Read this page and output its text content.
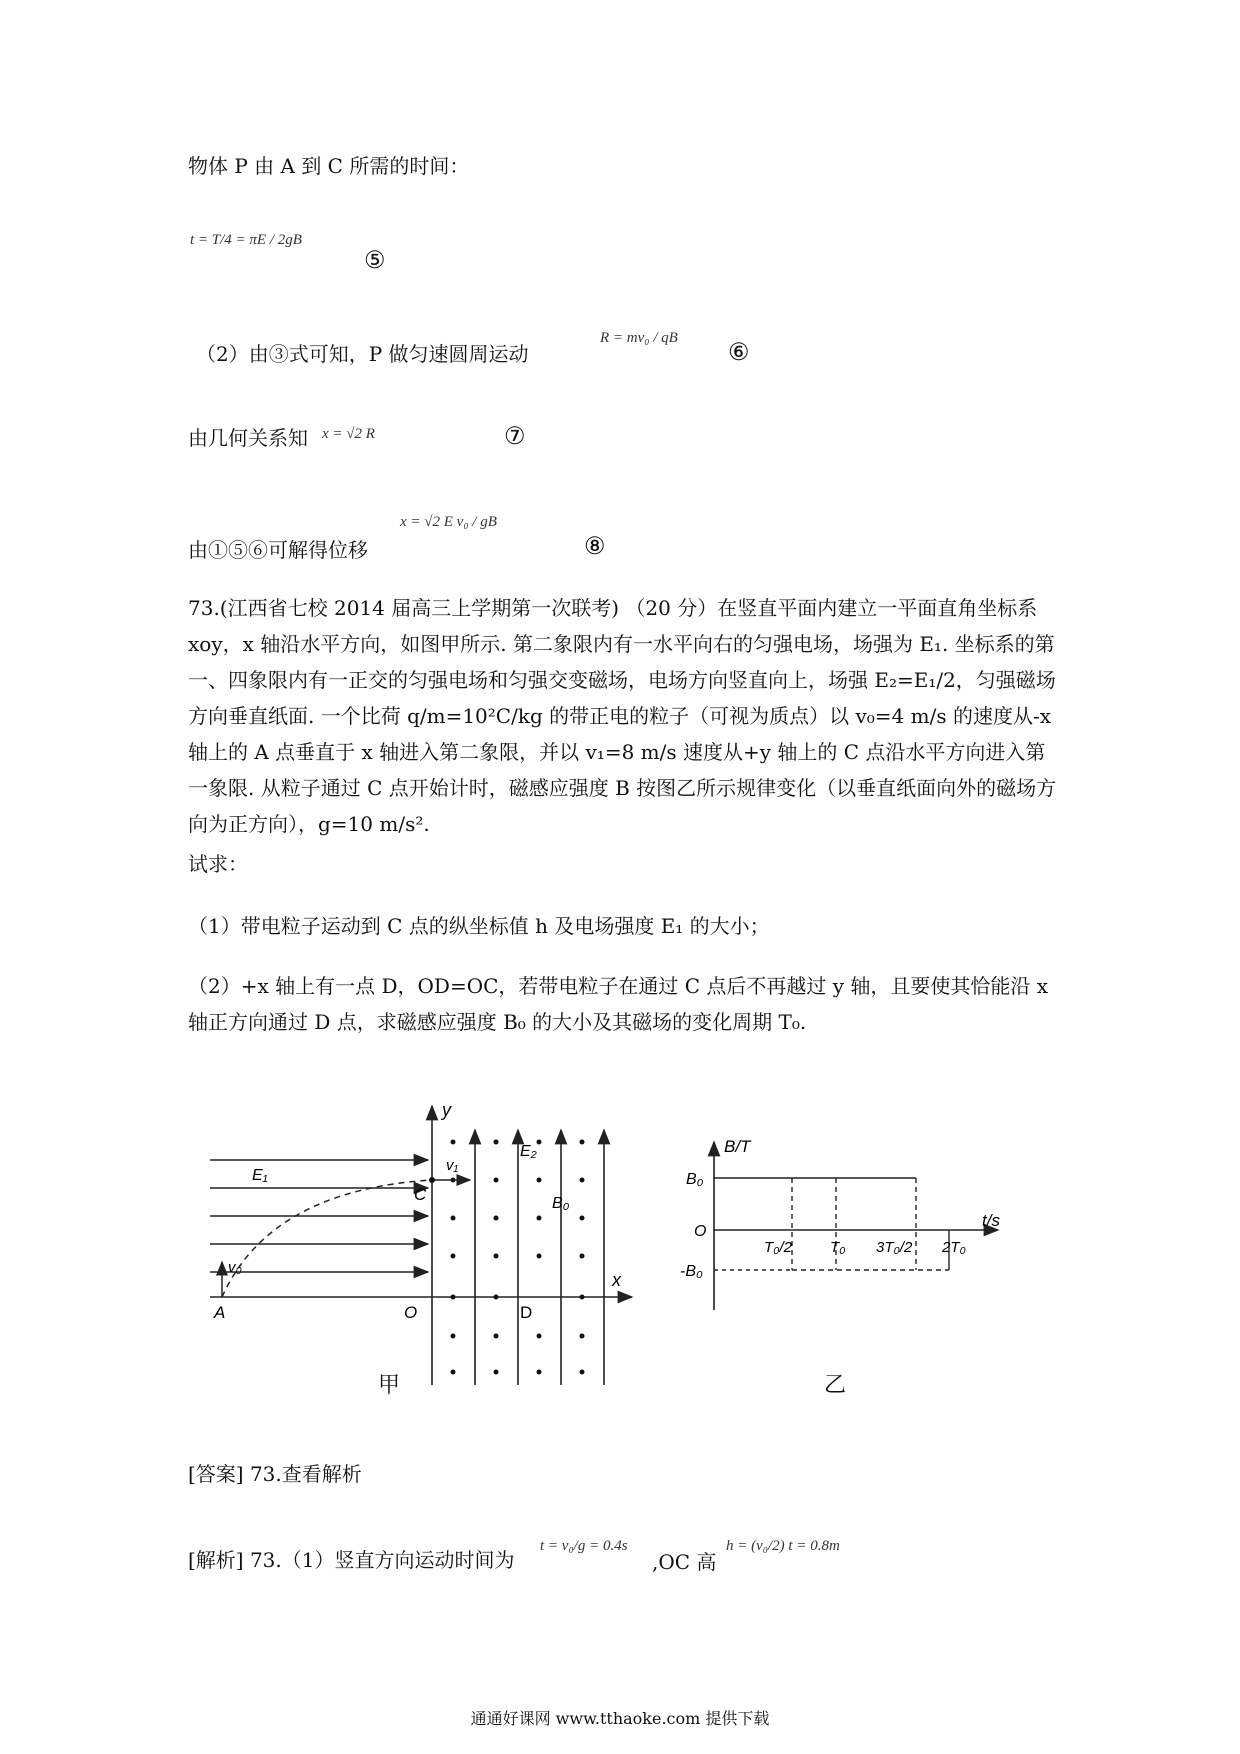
物体 P 由 A 到 C 所需的时间：
t = T/4 = πE / 2gB
⑤
（2）由③式可知，P 做匀速圆周运动
R = mv₀ / qB ⑥
由几何关系知 x = √2 R	⑦
由①⑤⑥可解得位移
x = √2 E v₀ / gB
⑧
73.(江西省七校 2014 届高三上学期第一次联考) （20 分）在竖直平面内建立一平面直角坐标系 xoy，x 轴沿水平方向，如图甲所示. 第二象限内有一水平向右的匀强电场，场强为 E₁. 坐标系的第一、四象限内有一正交的匀强电场和匀强交变磁场，电场方向竖直向上，场强 E₂=E₁/2，匀强磁场方向垂直纸面. 一个比荷 q/m=10²C/kg 的带正电的粒子（可视为质点）以 v₀=4 m/s 的速度从-x 轴上的 A 点垂直于 x 轴进入第二象限，并以 v₁=8 m/s 速度从+y 轴上的 C 点沿水平方向进入第一象限. 从粒子通过 C 点开始计时，磁感应强度 B 按图乙所示规律变化（以垂直纸面向外的磁场方向为正方向），g=10 m/s².
试求：
（1）带电粒子运动到 C 点的纵坐标值 h 及电场强度 E₁ 的大小；
（2）+x 轴上有一点 D，OD=OC，若带电粒子在通过 C 点后不再越过 y 轴，且要使其恰能沿 x 轴正方向通过 D 点，求磁感应强度 B₀ 的大小及其磁场的变化周期 T₀.
y
x
E₁
E₂
B₀
C
v₁
v₀
A	O	D
甲
B/T
t/s
B₀
O
-B₀
T₀/2	T₀ 3T₀/2 2T₀
乙
[答案] 73.查看解析
[解析] 73.（1）竖直方向运动时间为
t = v₀/g = 0.4s
,OC 高
h = (v₀/2) t = 0.8m
通通好课网 www.tthaoke.com 提供下载
